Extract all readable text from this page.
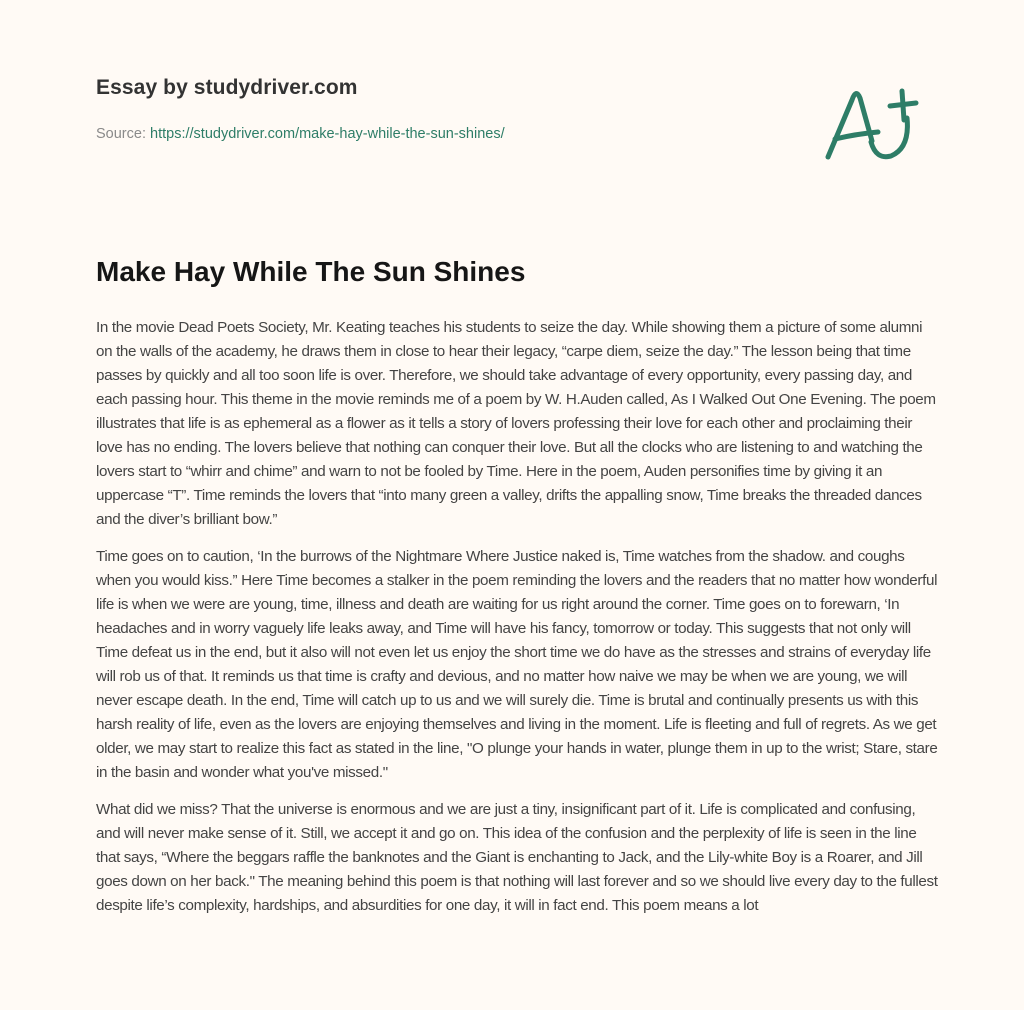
Essay by studydriver.com
Source: https://studydriver.com/make-hay-while-the-sun-shines/
Make Hay While The Sun Shines

In the movie Dead Poets Society, Mr. Keating teaches his students to seize the day. While showing them a picture of some alumni on the walls of the academy, he draws them in close to hear their legacy, “carpe diem, seize the day.” The lesson being that time passes by quickly and all too soon life is over. Therefore, we should take advantage of every opportunity, every passing day, and each passing hour. This theme in the movie reminds me of a poem by W. H.Auden called, As I Walked Out One Evening. The poem illustrates that life is as ephemeral as a flower as it tells a story of lovers professing their love for each other and proclaiming their love has no ending. The lovers believe that nothing can conquer their love. But all the clocks who are listening to and watching the lovers start to “whirr and chime” and warn to not be fooled by Time. Here in the poem, Auden personifies time by giving it an uppercase “T”. Time reminds the lovers that “into many green a valley, drifts the appalling snow, Time breaks the threaded dances and the diver’s brilliant bow.”

Time goes on to caution, ‘In the burrows of the Nightmare Where Justice naked is, Time watches from the shadow. and coughs when you would kiss.” Here Time becomes a stalker in the poem reminding the lovers and the readers that no matter how wonderful life is when we were are young, time, illness and death are waiting for us right around the corner. Time goes on to forewarn, ‘In headaches and in worry vaguely life leaks away, and Time will have his fancy, tomorrow or today. This suggests that not only will Time defeat us in the end, but it also will not even let us enjoy the short time we do have as the stresses and strains of everyday life will rob us of that. It reminds us that time is crafty and devious, and no matter how naive we may be when we are young, we will never escape death. In the end, Time will catch up to us and we will surely die. Time is brutal and continually presents us with this harsh reality of life, even as the lovers are enjoying themselves and living in the moment. Life is fleeting and full of regrets. As we get older, we may start to realize this fact as stated in the line, "O plunge your hands in water, plunge them in up to the wrist; Stare, stare in the basin and wonder what you've missed."

What did we miss? That the universe is enormous and we are just a tiny, insignificant part of it. Life is complicated and confusing, and will never make sense of it. Still, we accept it and go on. This idea of the confusion and the perplexity of life is seen in the line that says, “Where the beggars raffle the banknotes and the Giant is enchanting to Jack, and the Lily-white Boy is a Roarer, and Jill goes down on her back." The meaning behind this poem is that nothing will last forever and so we should live every day to the fullest despite life’s complexity, hardships, and absurdities for one day, it will in fact end. This poem means a lot
